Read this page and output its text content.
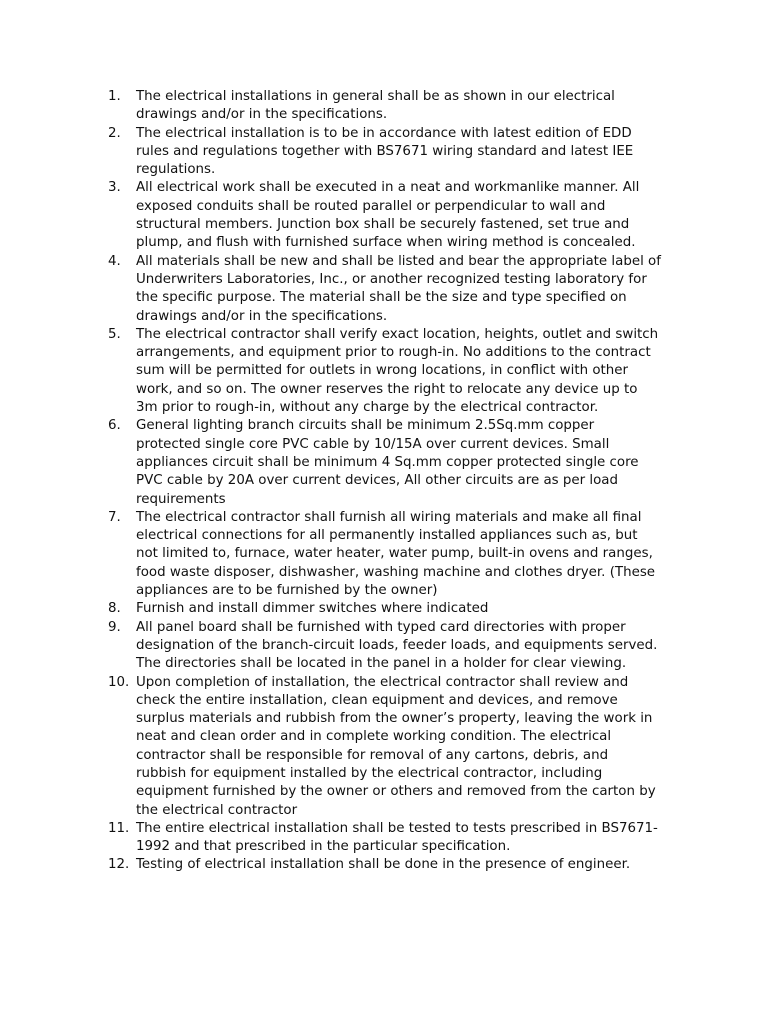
1.	The electrical installations in general shall be as shown in our electrical
drawings and/or in the specifications.
2.	The electrical installation is to be in accordance with latest edition of EDD
rules and regulations together with BS7671 wiring standard and latest IEE
regulations.
3.	All electrical work shall be executed in a neat and workmanlike manner. All
exposed conduits shall be routed parallel or perpendicular to wall and
structural members. Junction box shall be securely fastened, set true and
plump, and flush with furnished surface when wiring method is concealed.
4.	All materials shall be new and shall be listed and bear the appropriate label of
Underwriters Laboratories, Inc., or another recognized testing laboratory for
the specific purpose. The material shall be the size and type specified on
drawings and/or in the specifications.
5.	The electrical contractor shall verify exact location, heights, outlet and switch
arrangements, and equipment prior to rough-in. No additions to the contract
sum will be permitted for outlets in wrong locations, in conflict with other
work, and so on. The owner reserves the right to relocate any device up to
3m prior to rough-in, without any charge by the electrical contractor.
6.	General lighting branch circuits shall be minimum 2.5Sq.mm copper
protected single core PVC cable by 10/15A over current devices. Small
appliances circuit shall be minimum 4 Sq.mm copper protected single core
PVC cable by 20A over current devices, All other circuits are as per load
requirements
7.	The electrical contractor shall furnish all wiring materials and make all final
electrical connections for all permanently installed appliances such as, but
not limited to, furnace, water heater, water pump, built-in ovens and ranges,
food waste disposer, dishwasher, washing machine and clothes dryer. (These
appliances are to be furnished by the owner)
8.	Furnish and install dimmer switches where indicated
9.	All panel board shall be furnished with typed card directories with proper
designation of the branch-circuit loads, feeder loads, and equipments served.
The directories shall be located in the panel in a holder for clear viewing.
10. Upon completion of installation, the electrical contractor shall review and
check the entire installation, clean equipment and devices, and remove
surplus materials and rubbish from the owner’s property, leaving the work in
neat and clean order and in complete working condition. The electrical
contractor shall be responsible for removal of any cartons, debris, and
rubbish for equipment installed by the electrical contractor, including
equipment furnished by the owner or others and removed from the carton by
the electrical contractor
11. The entire electrical installation shall be tested to tests prescribed in BS7671-
1992 and that prescribed in the particular specification.
12. Testing of electrical installation shall be done in the presence of engineer.
